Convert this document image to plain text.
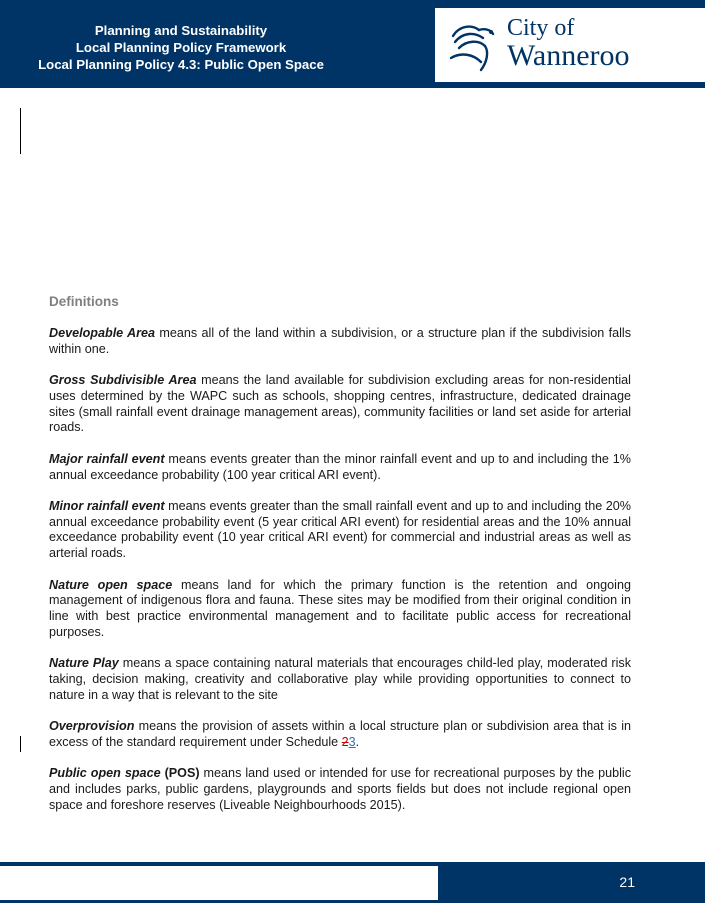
Planning and Sustainability
Local Planning Policy Framework
Local Planning Policy 4.3: Public Open Space
City of
Wanneroo
Definitions

Developable Area means all of the land within a subdivision, or a structure plan if the subdivision falls within one.

Gross Subdivisible Area means the land available for subdivision excluding areas for non-residential uses determined by the WAPC such as schools, shopping centres, infrastructure, dedicated drainage sites (small rainfall event drainage management areas), community facilities or land set aside for arterial roads.

Major rainfall event means events greater than the minor rainfall event and up to and including the 1% annual exceedance probability (100 year critical ARI event).

Minor rainfall event means events greater than the small rainfall event and up to and including the 20% annual exceedance probability event (5 year critical ARI event) for residential areas and the 10% annual exceedance probability event (10 year critical ARI event) for commercial and industrial areas as well as arterial roads.

Nature open space means land for which the primary function is the retention and ongoing management of indigenous flora and fauna. These sites may be modified from their original condition in line with best practice environmental management and to facilitate public access for recreational purposes.

Nature Play means a space containing natural materials that encourages child-led play, moderated risk taking, decision making, creativity and collaborative play while providing opportunities to connect to nature in a way that is relevant to the site

Overprovision means the provision of assets within a local structure plan or subdivision area that is in excess of the standard requirement under Schedule 23.

Public open space (POS) means land used or intended for use for recreational purposes by the public and includes parks, public gardens, playgrounds and sports fields but does not include regional open space and foreshore reserves (Liveable Neighbourhoods 2015).

21
